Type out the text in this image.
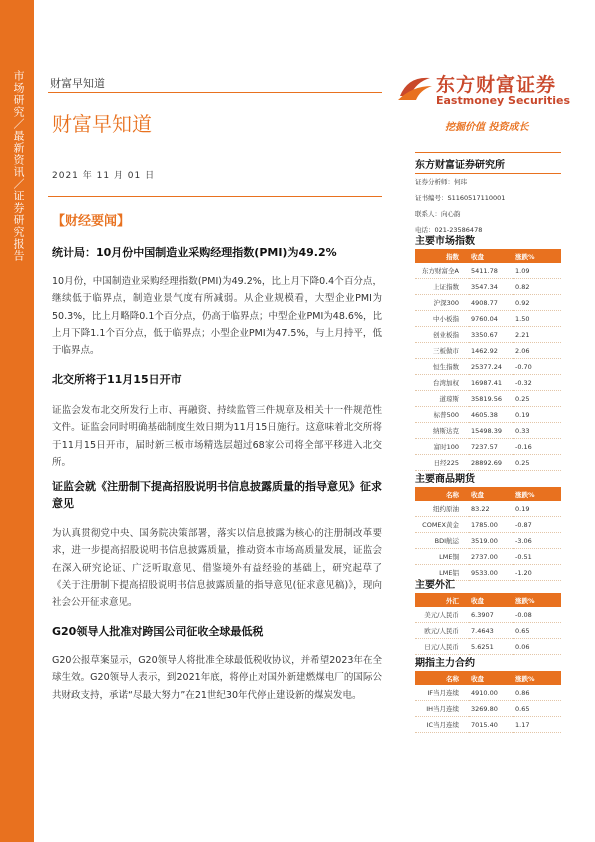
市场研究／最新资讯／证券研究报告 财富早知道
财富早知道
2021 年 11 月 01 日
东方财富证券
Eastmoney Securities
挖掘价值 投资成长
【财经要闻】
统计局：10月份中国制造业采购经理指数(PMI)为49.2%
10月份，中国制造业采购经理指数(PMI)为49.2%，比上月下降0.4个百分点，继续低于临界点，制造业景气度有所减弱。从企业规模看，大型企业PMI为50.3%，比上月略降0.1个百分点，仍高于临界点；中型企业PMI为48.6%，比上月下降1.1个百分点，低于临界点；小型企业PMI为47.5%，与上月持平，低于临界点。
北交所将于11月15日开市
证监会发布北交所发行上市、再融资、持续监管三件规章及相关十一件规范性文件。证监会同时明确基础制度生效日期为11月15日施行。这意味着北交所将于11月15日开市，届时新三板市场精选层超过68家公司将全部平移进入北交所。
证监会就《注册制下提高招股说明书信息披露质量的指导意见》征求意见
为认真贯彻党中央、国务院决策部署，落实以信息披露为核心的注册制改革要求，进一步提高招股说明书信息披露质量，推动资本市场高质量发展，证监会在深入研究论证、广泛听取意见、借鉴境外有益经验的基础上，研究起草了《关于注册制下提高招股说明书信息披露质量的指导意见(征求意见稿)》，现向社会公开征求意见。
G20领导人批准对跨国公司征收全球最低税
G20公报草案显示，G20领导人将批准全球最低税收协议，并希望2023年在全球生效。G20领导人表示，到2021年底，将停止对国外新建燃煤电厂的国际公共财政支持，承诺“尽最大努力”在21世纪30年代停止建设新的煤炭发电。
东方财富证券研究所
证券分析师：何玮
证书编号：S1160517110001
联系人：向心韵
电话：021-23586478
主要市场指数
指数	收盘	涨跌%
东方财富全A	5411.78	1.09
上证指数	3547.34	0.82
沪深300	4908.77	0.92
中小板指	9760.04	1.50
创业板指	3350.67	2.21
三板做市	1462.92	2.06
恒生指数	25377.24	-0.70
台湾加权	16987.41	-0.32
道琼斯	35819.56	0.25
标普500	4605.38	0.19
纳斯达克	15498.39	0.33
富时100	7237.57	-0.16
日经225	28892.69	0.25
主要商品期货
名称	收盘	涨跌%
纽约原油	83.22	0.19
COMEX黄金	1785.00	-0.87
BDI航运	3519.00	-3.06
LME铜	2737.00	-0.51
LME铝	9533.00	-1.20
主要外汇
外汇	收盘	涨跌%
美元/人民币	6.3907	-0.08
欧元/人民币	7.4643	0.65
日元/人民币	5.6251	0.06
期指主力合约
名称	收盘	涨跌%
IF当月连续	4910.00	0.86
IH当月连续	3269.80	0.65
IC当月连续	7015.40	1.17
